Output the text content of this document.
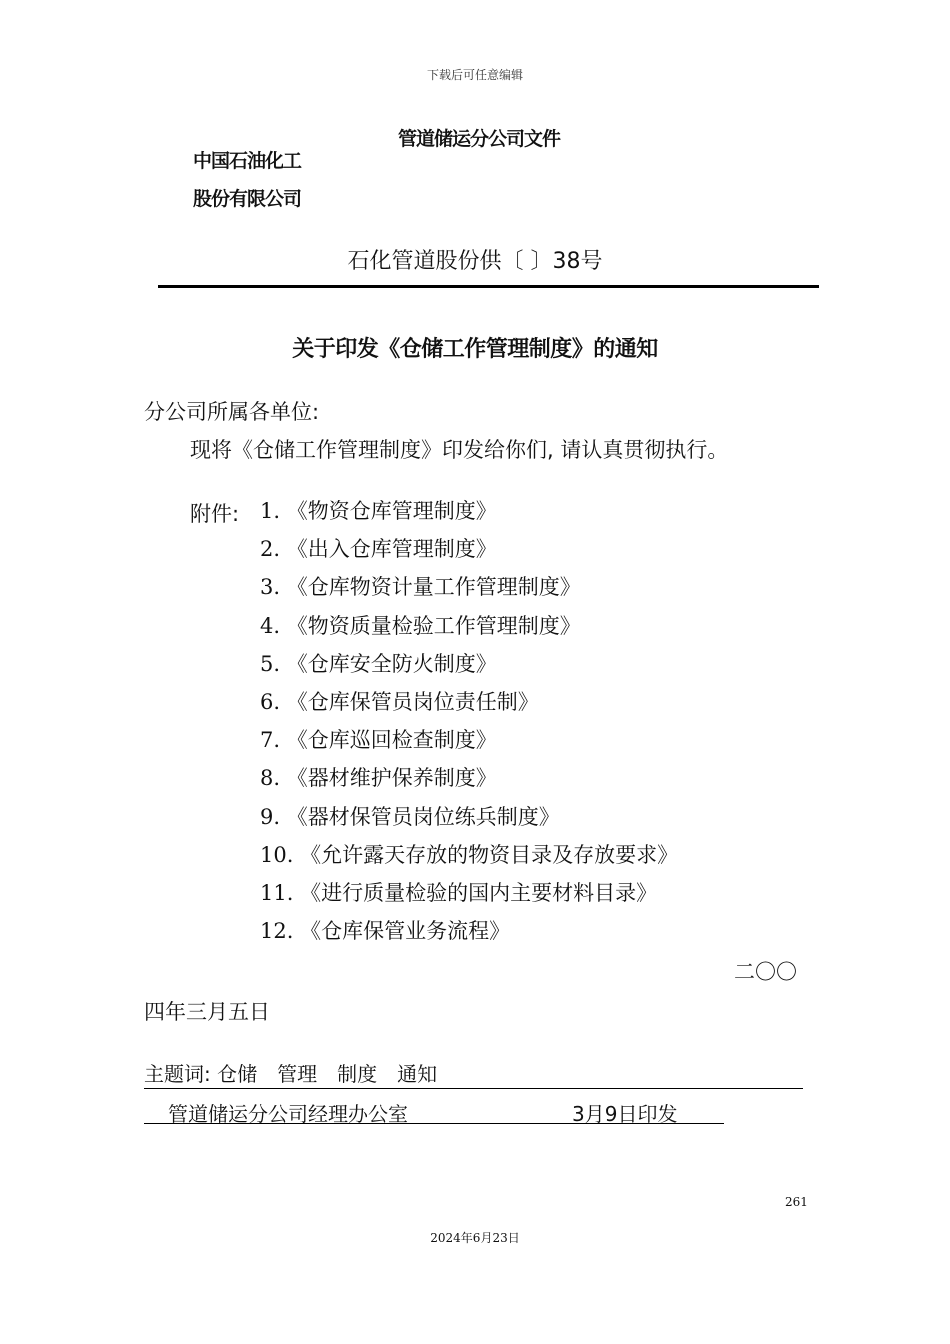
下载后可任意编辑
管道储运分公司文件
中国石油化工
股份有限公司
石化管道股份供〔 〕38号
关于印发《仓储工作管理制度》的通知
分公司所属各单位:
现将《仓储工作管理制度》印发给你们, 请认真贯彻执行。
附件: 1. 《物资仓库管理制度》
2. 《出入仓库管理制度》
3. 《仓库物资计量工作管理制度》
4. 《物资质量检验工作管理制度》
5. 《仓库安全防火制度》
6. 《仓库保管员岗位责任制》
7. 《仓库巡回检查制度》
8. 《器材维护保养制度》
9. 《器材保管员岗位练兵制度》
10. 《允许露天存放的物资目录及存放要求》
11. 《进行质量检验的国内主要材料目录》
12. 《仓库保管业务流程》
二〇〇
四年三月五日
主题词: 仓储　管理　制度　通知
管道储运分公司经理办公室	3月9日印发

261
2024年6月23日
